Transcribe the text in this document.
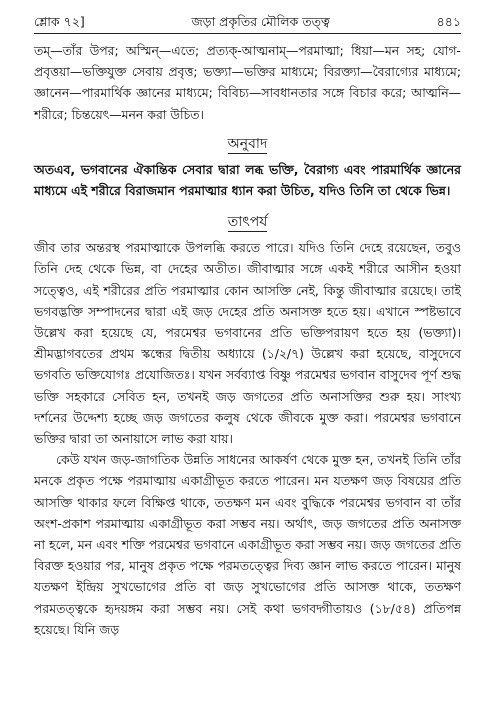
শ্লোক ৭২]	জড়া প্রকৃতির মৌলিক তত্ত্ব	৪৪১

তম্‌—তাঁর উপর; অস্মিন্‌—এতে; প্রত্যক্‌-আত্মনাম্‌—পরমাত্মা; ধিয়া—মন সহ; যোগ-প্রবৃত্তয়া—ভক্তিযুক্ত সেবায় প্রবৃত্ত; ভক্ত্যা—ভক্তির মাধ্যমে; বিরক্ত্যা—বৈরাগ্যের মাধ্যমে; জ্ঞানেন—পারমার্থিক জ্ঞানের মাধ্যমে; বিবিচ্য—সাবধানতার সঙ্গে বিচার করে; আত্মনি—শরীরে; চিন্তয়েৎ—মনন করা উচিত।

অনুবাদ

অতএব, ভগবানের ঐকান্তিক সেবার দ্বারা লব্ধ ভক্তি, বৈরাগ্য এবং পারমার্থিক জ্ঞানের মাধ্যমে এই শরীরে বিরাজমান পরমাত্মার ধ্যান করা উচিত, যদিও তিনি তা থেকে ভিন্ন।

তাৎপর্য

জীব তার অন্তরস্থ পরমাত্মাকে উপলব্ধি করতে পারে। যদিও তিনি দেহে রয়েছেন, তবুও তিনি দেহ থেকে ভিন্ন, বা দেহের অতীত। জীবাত্মার সঙ্গে একই শরীরে আসীন হওয়া সত্ত্বেও, এই শরীরের প্রতি পরমাত্মার কোন আসক্তি নেই, কিন্তু জীবাত্মার রয়েছে। তাই ভগবদ্ভক্তি সম্পাদনের দ্বারা এই জড় দেহের প্রতি অনাসক্ত হতে হয়। এখানে স্পষ্টভাবে উল্লেখ করা হয়েছে যে, পরমেশ্বর ভগবানের প্রতি ভক্তিপরায়ণ হতে হয় (ভক্ত্যা)। শ্রীমদ্ভাগবতের প্রথম স্কন্ধের দ্বিতীয় অধ্যায়ে (১/২/৭) উল্লেখ করা হয়েছে, বাসুদেবে ভগবতি ভক্তিযোগঃ প্রযোজিতঃ। যখন সর্বব্যাপ্ত বিষ্ণু পরমেশ্বর ভগবান বাসুদেব পূর্ণ শুদ্ধ ভক্তি সহকারে সেবিত হন, তখনই জড় জগতের প্রতি অনাসক্তির শুরু হয়। সাংখ্য দর্শনের উদ্দেশ্য হচ্ছে জড় জগতের কলুষ থেকে জীবকে মুক্ত করা। পরমেশ্বর ভগবানে ভক্তির দ্বারা তা অনায়াসে লাভ করা যায়।

কেউ যখন জড়-জাগতিক উন্নতি সাধনের আকর্ষণ থেকে মুক্ত হন, তখনই তিনি তাঁর মনকে প্রকৃত পক্ষে পরমাত্মায় একাগ্রীভূত করতে পারেন। মন যতক্ষণ জড় বিষয়ের প্রতি আসক্তি থাকার ফলে বিক্ষিপ্ত থাকে, ততক্ষণ মন এবং বুদ্ধিকে পরমেশ্বর ভগবান বা তাঁর অংশ-প্রকাশ পরমাত্মায় একাগ্রীভূত করা সম্ভব নয়। অর্থাৎ, জড় জগতের প্রতি অনাসক্ত না হলে, মন এবং শক্তি পরমেশ্বর ভগবানে একাগ্রীভূত করা সম্ভব নয়। জড় জগতের প্রতি বিরক্ত হওয়ার পর, মানুষ প্রকৃত পক্ষে পরমতত্ত্বের দিব্য জ্ঞান লাভ করতে পারেন। মানুষ যতক্ষণ ইন্দ্রিয় সুখভোগের প্রতি বা জড় সুখভোগের প্রতি আসক্ত থাকে, ততক্ষণ পরমতত্ত্বকে হৃদয়ঙ্গম করা সম্ভব নয়। সেই কথা ভগবদ্গীতায়ও (১৮/৫৪) প্রতিপন্ন হয়েছে। যিনি জড়
